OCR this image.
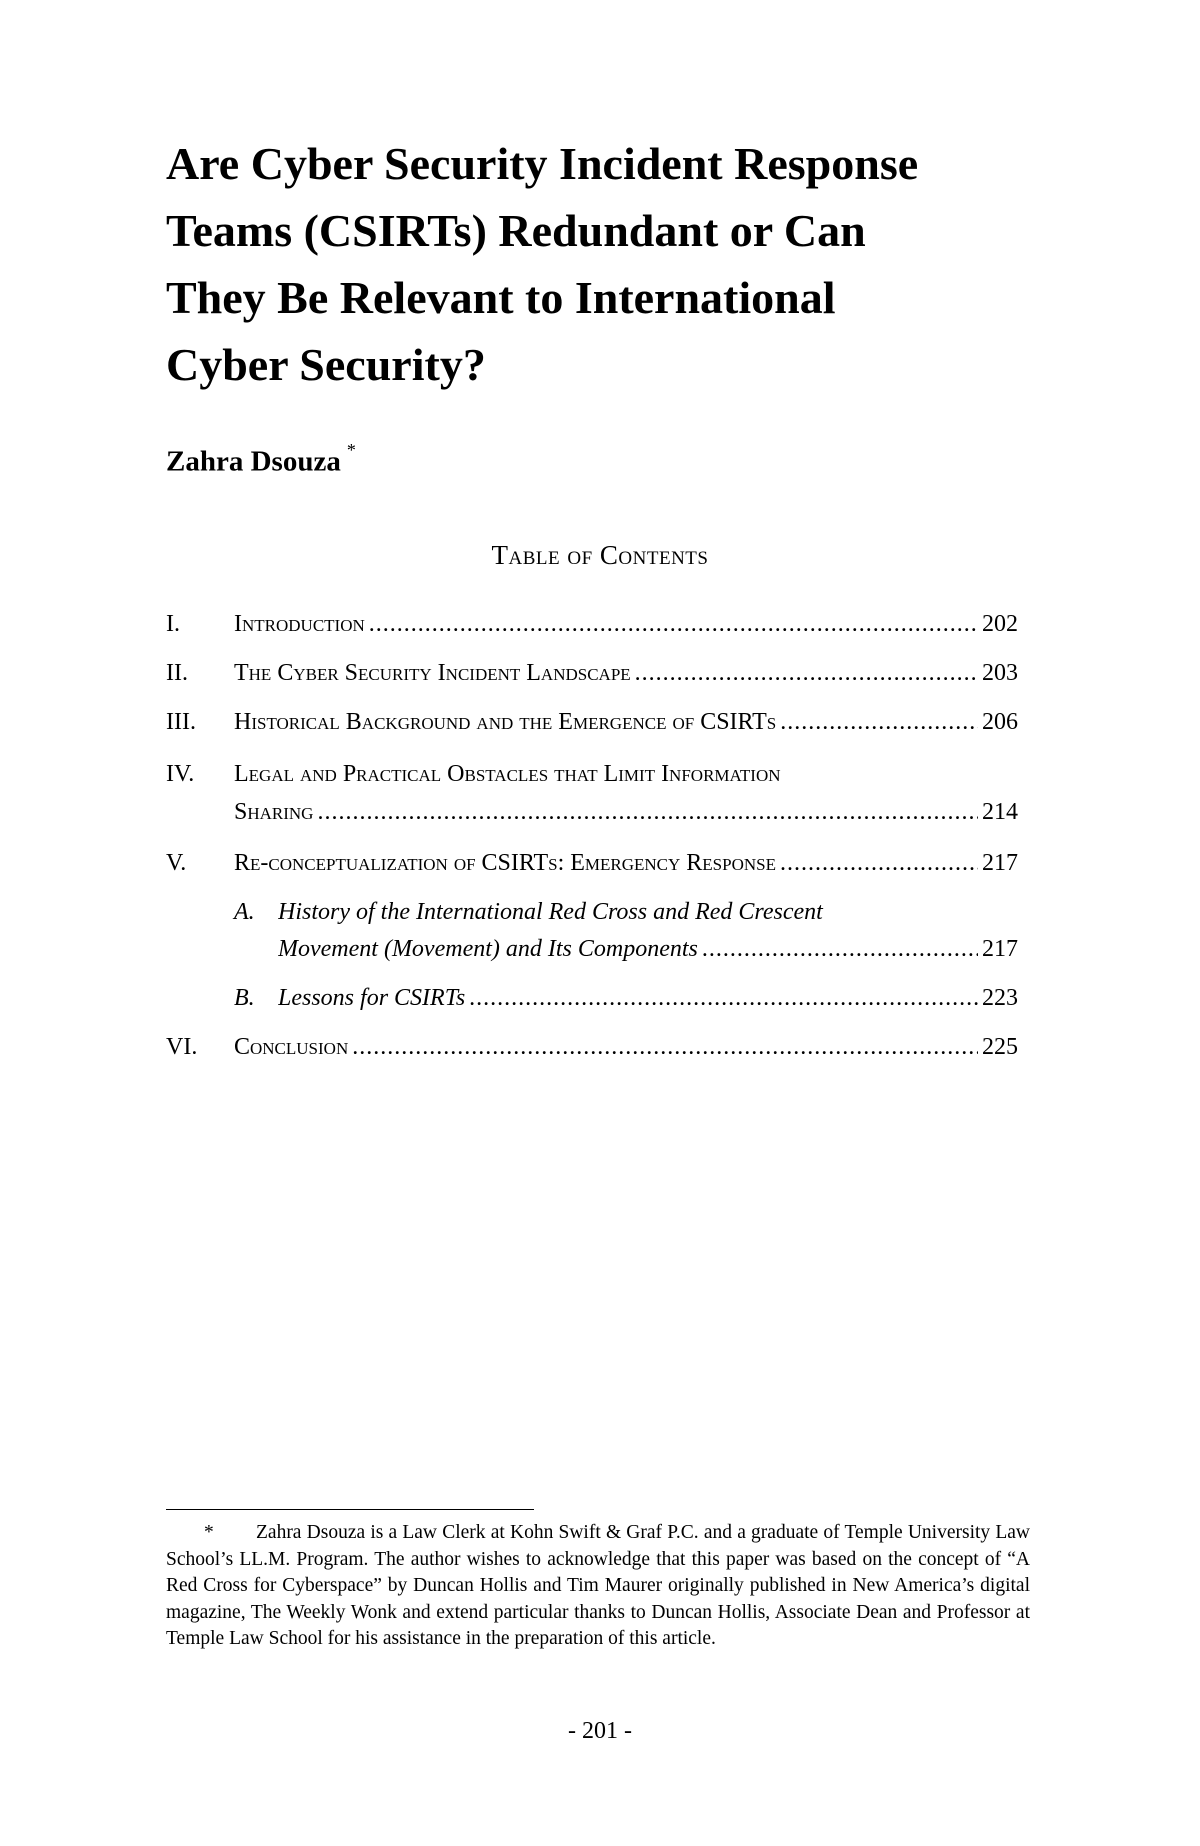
Are Cyber Security Incident Response
Teams (CSIRTs) Redundant or Can
They Be Relevant to International
Cyber Security?
Zahra Dsouza *
Table of Contents
I. Introduction .....	202
II. The Cyber Security Incident Landscape .....	203
III. Historical Background and the Emergence of CSIRTs .....	206
IV. Legal and Practical Obstacles that Limit Information
Sharing .....	214
V. Re-conceptualization of CSIRTs: Emergency Response .....	217
A. History of the International Red Cross and Red Crescent
Movement (Movement) and Its Components .....	217
B. Lessons for CSIRTs .....	223
VI. Conclusion .....	225
* Zahra Dsouza is a Law Clerk at Kohn Swift & Graf P.C. and a graduate of Temple University Law School’s LL.M. Program. The author wishes to acknowledge that this paper was based on the concept of “A Red Cross for Cyberspace” by Duncan Hollis and Tim Maurer originally published in New America’s digital magazine, The Weekly Wonk and extend particular thanks to Duncan Hollis, Associate Dean and Professor at Temple Law School for his assistance in the preparation of this article.
- 201 -
